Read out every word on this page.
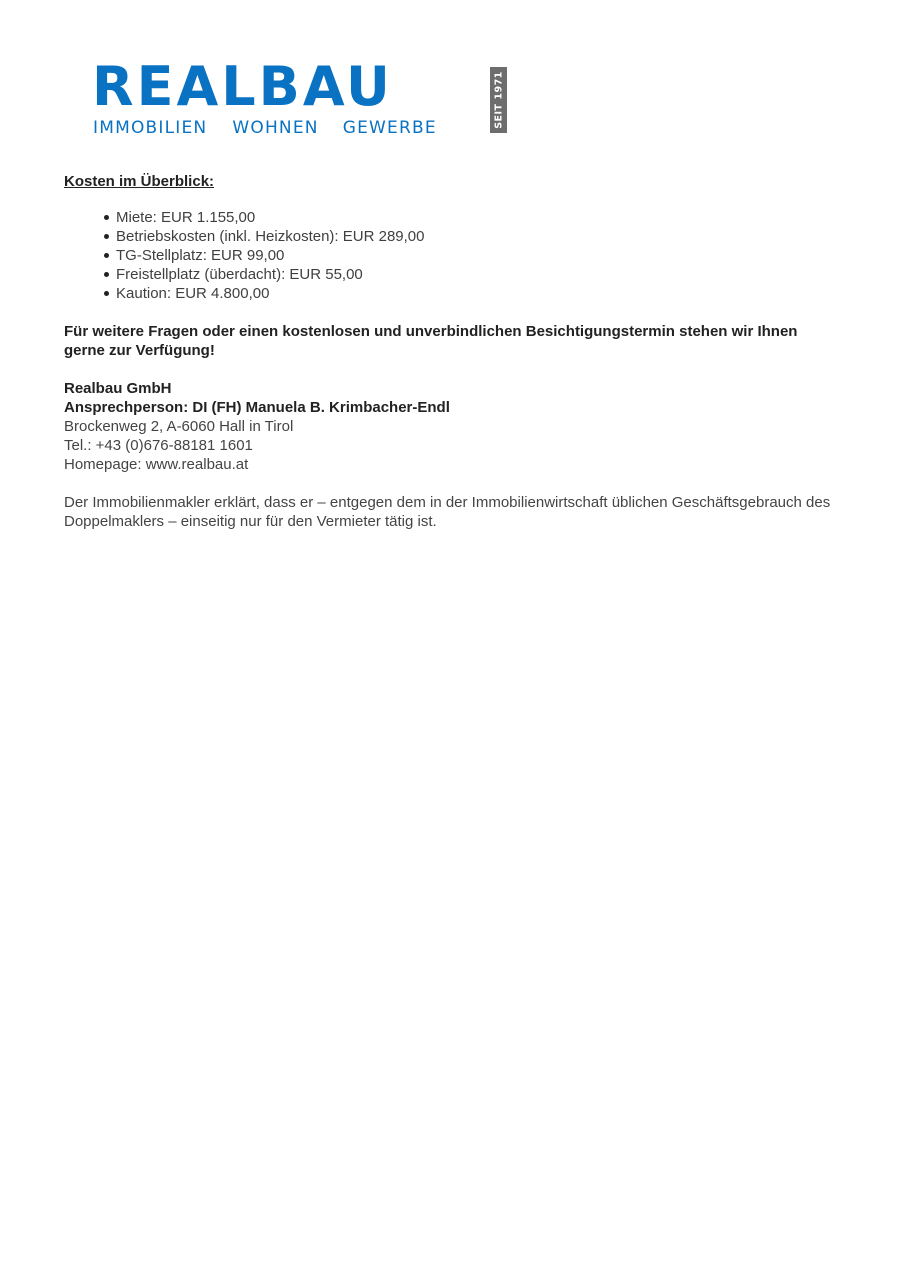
REALBAU
IMMOBILIEN WOHNEN GEWERBE	SEIT 1971
Kosten im Überblick:
Miete: EUR 1.155,00
Betriebskosten (inkl. Heizkosten): EUR 289,00
TG-Stellplatz: EUR 99,00
Freistellplatz (überdacht): EUR 55,00
Kaution: EUR 4.800,00

Für weitere Fragen oder einen kostenlosen und unverbindlichen Besichtigungstermin stehen wir Ihnen gerne zur Verfügung!

Realbau GmbH
Ansprechperson: DI (FH) Manuela B. Krimbacher-Endl
Brockenweg 2, A-6060 Hall in Tirol
Tel.: +43 (0)676-88181 1601
Homepage: www.realbau.at

Der Immobilienmakler erklärt, dass er – entgegen dem in der Immobilienwirtschaft üblichen Geschäftsgebrauch des Doppelmaklers – einseitig nur für den Vermieter tätig ist.
